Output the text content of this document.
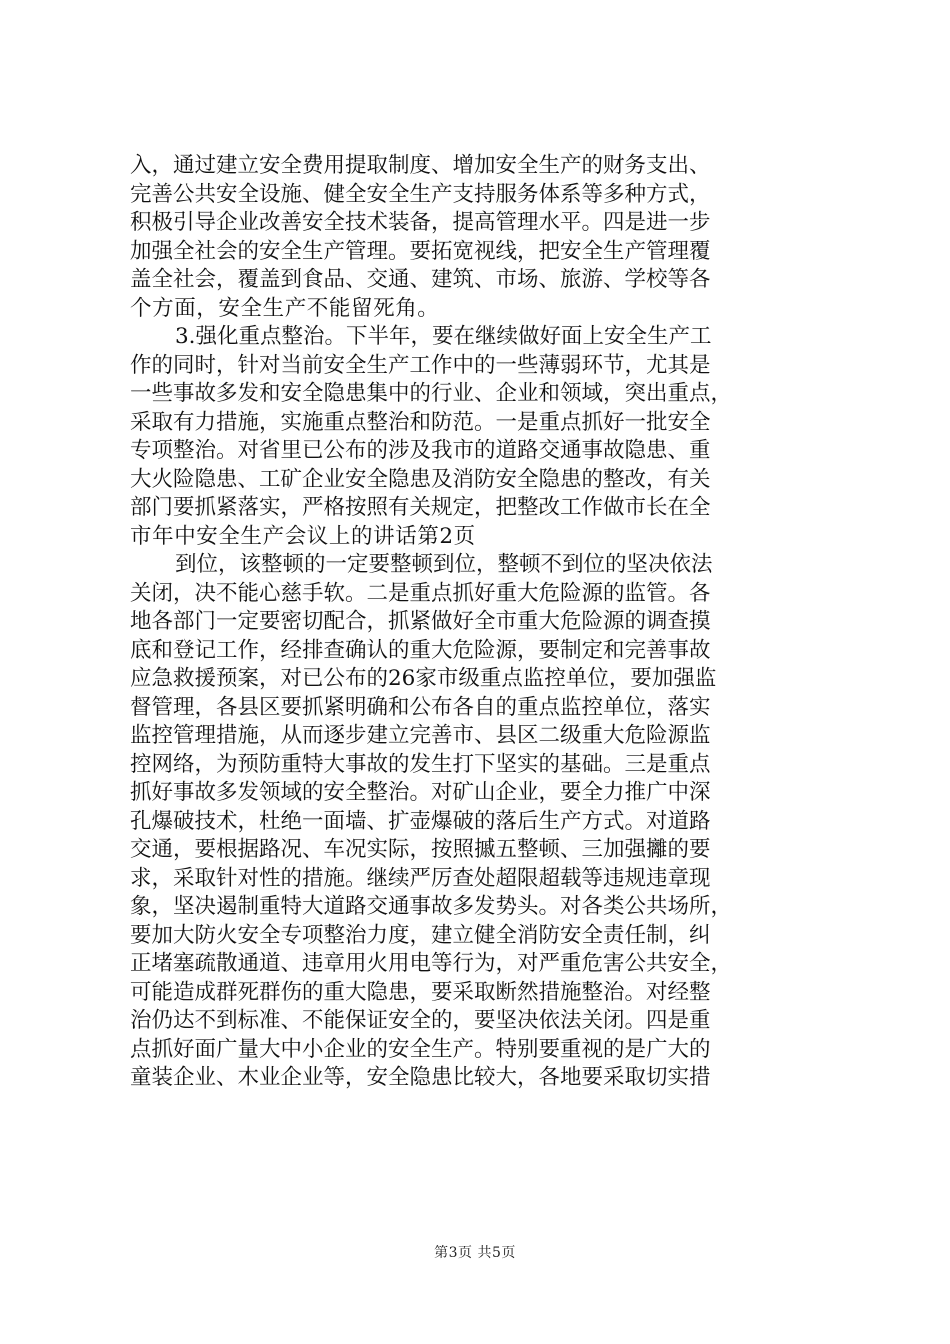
入，通过建立安全费用提取制度、增加安全生产的财务支出、
完善公共安全设施、健全安全生产支持服务体系等多种方式，
积极引导企业改善安全技术装备，提高管理水平。四是进一步
加强全社会的安全生产管理。要拓宽视线，把安全生产管理覆
盖全社会，覆盖到食品、交通、建筑、市场、旅游、学校等各
个方面，安全生产不能留死角。
3.强化重点整治。下半年，要在继续做好面上安全生产工
作的同时，针对当前安全生产工作中的一些薄弱环节，尤其是
一些事故多发和安全隐患集中的行业、企业和领域，突出重点，
采取有力措施，实施重点整治和防范。一是重点抓好一批安全
专项整治。对省里已公布的涉及我市的道路交通事故隐患、重
大火险隐患、工矿企业安全隐患及消防安全隐患的整改，有关
部门要抓紧落实，严格按照有关规定，把整改工作做市长在全
市年中安全生产会议上的讲话第2页
到位，该整顿的一定要整顿到位，整顿不到位的坚决依法
关闭，决不能心慈手软。二是重点抓好重大危险源的监管。各
地各部门一定要密切配合，抓紧做好全市重大危险源的调查摸
底和登记工作，经排查确认的重大危险源，要制定和完善事故
应急救援预案，对已公布的26家市级重点监控单位，要加强监
督管理，各县区要抓紧明确和公布各自的重点监控单位，落实
监控管理措施，从而逐步建立完善市、县区二级重大危险源监
控网络，为预防重特大事故的发生打下坚实的基础。三是重点
抓好事故多发领域的安全整治。对矿山企业，要全力推广中深
孔爆破技术，杜绝一面墙、扩壶爆破的落后生产方式。对道路
交通，要根据路况、车况实际，按照摵五整顿、三加强攡的要
求，采取针对性的措施。继续严厉查处超限超载等违规违章现
象，坚决遏制重特大道路交通事故多发势头。对各类公共场所，
要加大防火安全专项整治力度，建立健全消防安全责任制，纠
正堵塞疏散通道、违章用火用电等行为，对严重危害公共安全，
可能造成群死群伤的重大隐患，要采取断然措施整治。对经整
治仍达不到标准、不能保证安全的，要坚决依法关闭。四是重
点抓好面广量大中小企业的安全生产。特别要重视的是广大的
童装企业、木业企业等，安全隐患比较大，各地要采取切实措
第3页 共5页
